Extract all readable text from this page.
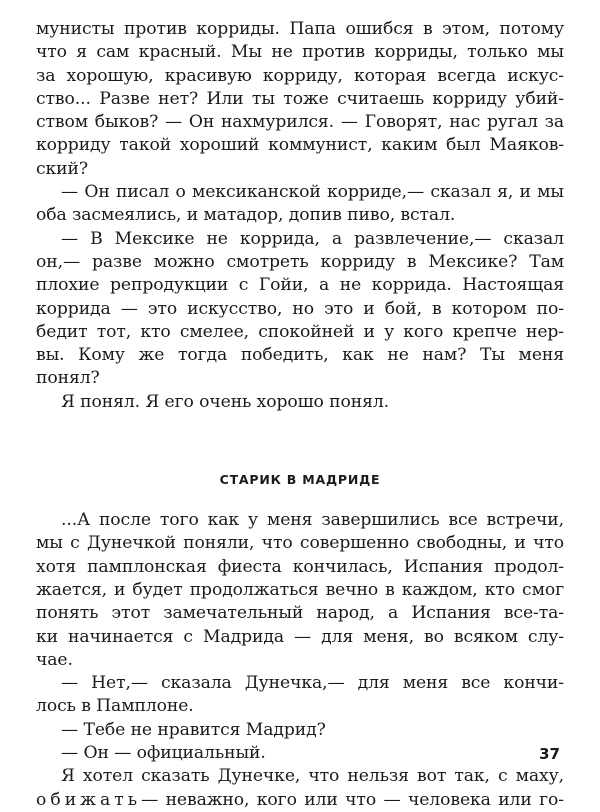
мунисты против корриды. Папа ошибся в этом, потому
что я сам красный. Мы не против корриды, только мы
за хорошую, красивую корриду, которая всегда искус-
ство... Разве нет? Или ты тоже считаешь корриду убий-
ством быков? — Он нахмурился. — Говорят, нас ругал за
корриду такой хороший коммунист, каким был Маяков-
ский?
— Он писал о мексиканской корриде,— сказал я, и мы
оба засмеялись, и матадор, допив пиво, встал.
— В Мексике не коррида, а развлечение,— сказал
он,— разве можно смотреть корриду в Мексике? Там
плохие репродукции с Гойи, а не коррида. Настоящая
коррида — это искусство, но это и бой, в котором по-
бедит тот, кто смелее, спокойней и у кого крепче нер-
вы. Кому же тогда победить, как не нам? Ты меня
понял?
Я понял. Я его очень хорошо понял.
СТАРИК В МАДРИДЕ
...А после того как у меня завершились все встречи,
мы с Дунечкой поняли, что совершенно свободны, и что
хотя памплонская фиеста кончилась, Испания продол-
жается, и будет продолжаться вечно в каждом, кто смог
понять этот замечательный народ, а Испания все-та-
ки начинается с Мадрида — для меня, во всяком слу-
чае.
— Нет,— сказала Дунечка,— для меня все кончи-
лось в Памплоне.
— Тебе не нравится Мадрид?
— Он — официальный.
Я хотел сказать Дунечке, что нельзя вот так, с маху,
обижать— неважно, кого или что — человека или го-
37
